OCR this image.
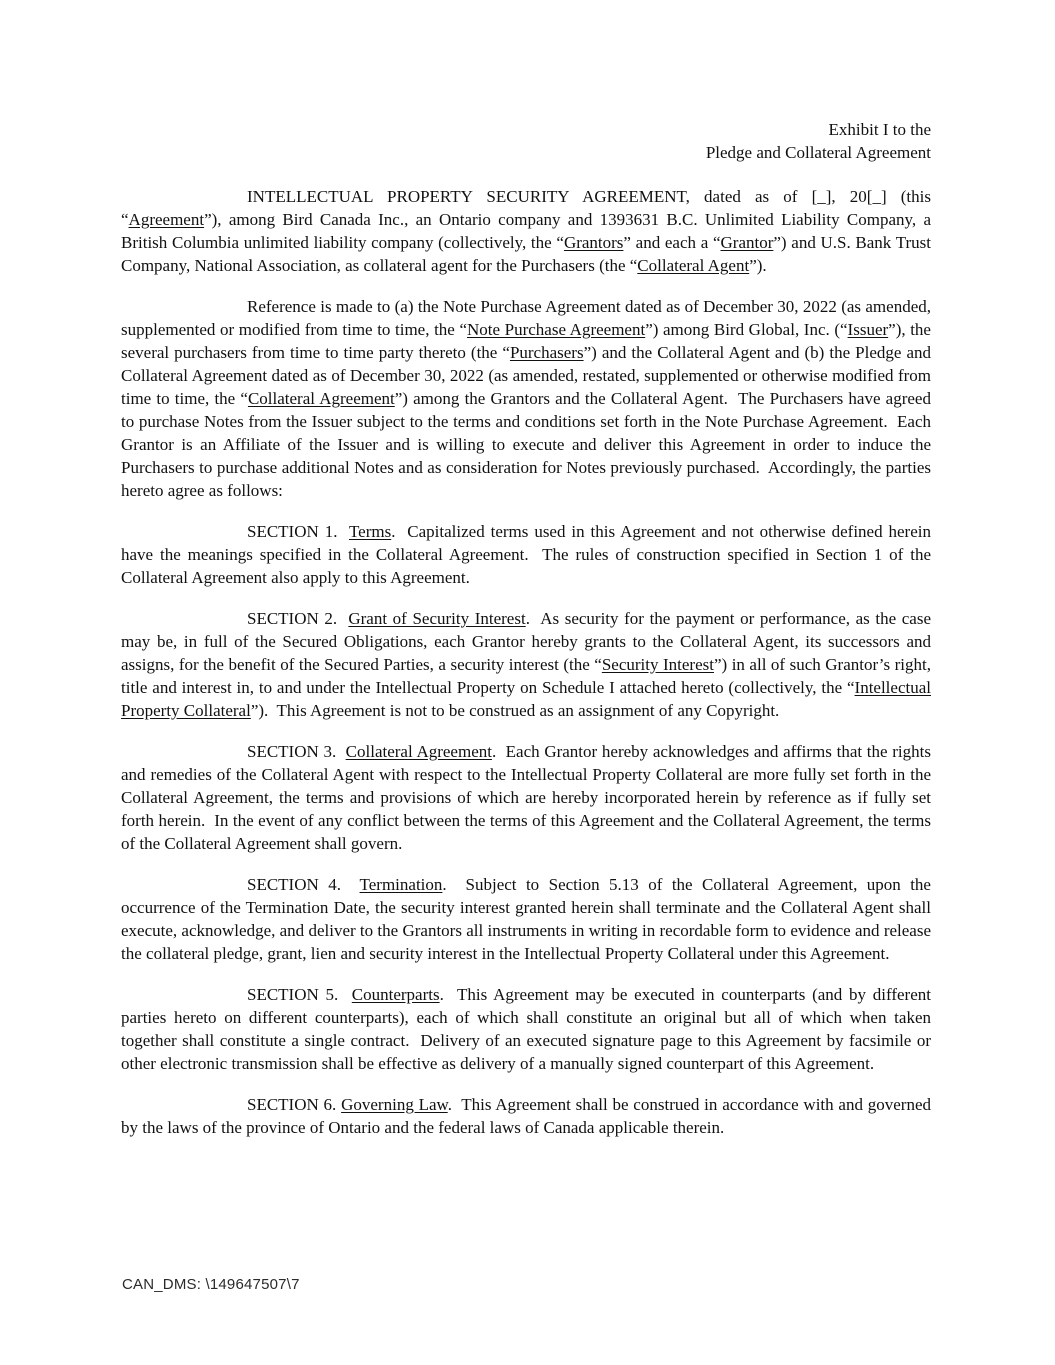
Exhibit I to the
Pledge and Collateral Agreement

INTELLECTUAL PROPERTY SECURITY AGREEMENT, dated as of [_], 20[_] (this “Agreement”), among Bird Canada Inc., an Ontario company and 1393631 B.C. Unlimited Liability Company, a British Columbia unlimited liability company (collectively, the “Grantors” and each a “Grantor”) and U.S. Bank Trust Company, National Association, as collateral agent for the Purchasers (the “Collateral Agent”).

Reference is made to (a) the Note Purchase Agreement dated as of December 30, 2022 (as amended, supplemented or modified from time to time, the “Note Purchase Agreement”) among Bird Global, Inc. (“Issuer”), the several purchasers from time to time party thereto (the “Purchasers”) and the Collateral Agent and (b) the Pledge and Collateral Agreement dated as of December 30, 2022 (as amended, restated, supplemented or otherwise modified from time to time, the “Collateral Agreement”) among the Grantors and the Collateral Agent.  The Purchasers have agreed to purchase Notes from the Issuer subject to the terms and conditions set forth in the Note Purchase Agreement.  Each Grantor is an Affiliate of the Issuer and is willing to execute and deliver this Agreement in order to induce the Purchasers to purchase additional Notes and as consideration for Notes previously purchased.  Accordingly, the parties hereto agree as follows:

SECTION 1.  Terms.  Capitalized terms used in this Agreement and not otherwise defined herein have the meanings specified in the Collateral Agreement.  The rules of construction specified in Section 1 of the Collateral Agreement also apply to this Agreement.

SECTION 2.  Grant of Security Interest.  As security for the payment or performance, as the case may be, in full of the Secured Obligations, each Grantor hereby grants to the Collateral Agent, its successors and assigns, for the benefit of the Secured Parties, a security interest (the “Security Interest”) in all of such Grantor’s right, title and interest in, to and under the Intellectual Property on Schedule I attached hereto (collectively, the “Intellectual Property Collateral”).  This Agreement is not to be construed as an assignment of any Copyright.

SECTION 3.  Collateral Agreement.  Each Grantor hereby acknowledges and affirms that the rights and remedies of the Collateral Agent with respect to the Intellectual Property Collateral are more fully set forth in the Collateral Agreement, the terms and provisions of which are hereby incorporated herein by reference as if fully set forth herein.  In the event of any conflict between the terms of this Agreement and the Collateral Agreement, the terms of the Collateral Agreement shall govern.

SECTION 4.  Termination.  Subject to Section 5.13 of the Collateral Agreement, upon the occurrence of the Termination Date, the security interest granted herein shall terminate and the Collateral Agent shall execute, acknowledge, and deliver to the Grantors all instruments in writing in recordable form to evidence and release the collateral pledge, grant, lien and security interest in the Intellectual Property Collateral under this Agreement.

SECTION 5.  Counterparts.  This Agreement may be executed in counterparts (and by different parties hereto on different counterparts), each of which shall constitute an original but all of which when taken together shall constitute a single contract.  Delivery of an executed signature page to this Agreement by facsimile or other electronic transmission shall be effective as delivery of a manually signed counterpart of this Agreement.

SECTION 6. Governing Law.  This Agreement shall be construed in accordance with and governed by the laws of the province of Ontario and the federal laws of Canada applicable therein.

CAN_DMS: \149647507\7
